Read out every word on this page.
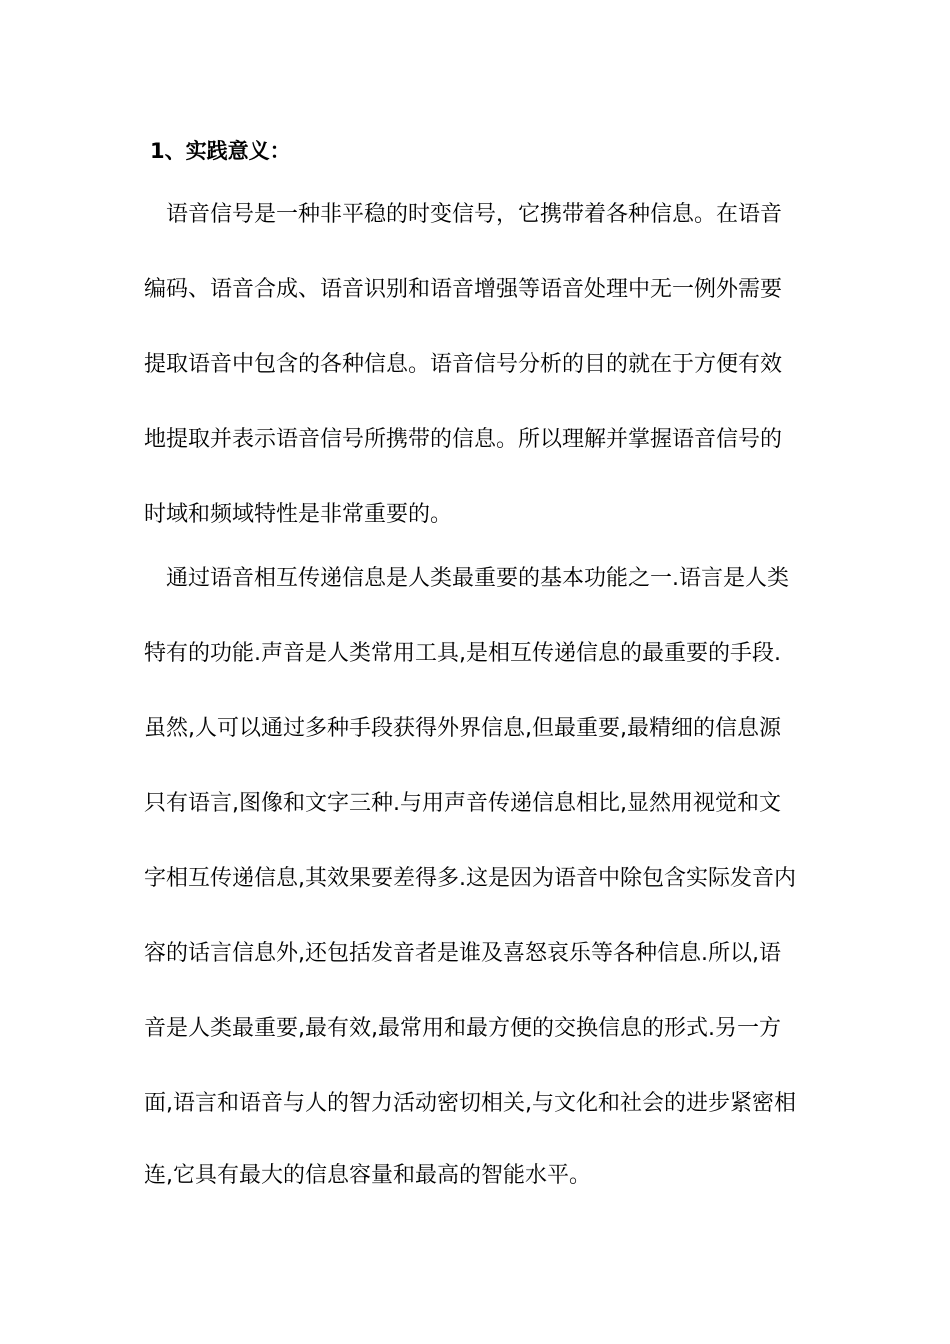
1、实践意义：
语音信号是一种非平稳的时变信号，它携带着各种信息。在语音
编码、语音合成、语音识别和语音增强等语音处理中无一例外需要
提取语音中包含的各种信息。语音信号分析的目的就在于方便有效
地提取并表示语音信号所携带的信息。所以理解并掌握语音信号的
时域和频域特性是非常重要的。
通过语音相互传递信息是人类最重要的基本功能之一.语言是人类
特有的功能.声音是人类常用工具,是相互传递信息的最重要的手段.
虽然,人可以通过多种手段获得外界信息,但最重要,最精细的信息源
只有语言,图像和文字三种.与用声音传递信息相比,显然用视觉和文
字相互传递信息,其效果要差得多.这是因为语音中除包含实际发音内
容的话言信息外,还包括发音者是谁及喜怒哀乐等各种信息.所以,语
音是人类最重要,最有效,最常用和最方便的交换信息的形式.另一方
面,语言和语音与人的智力活动密切相关,与文化和社会的进步紧密相
连,它具有最大的信息容量和最高的智能水平。
